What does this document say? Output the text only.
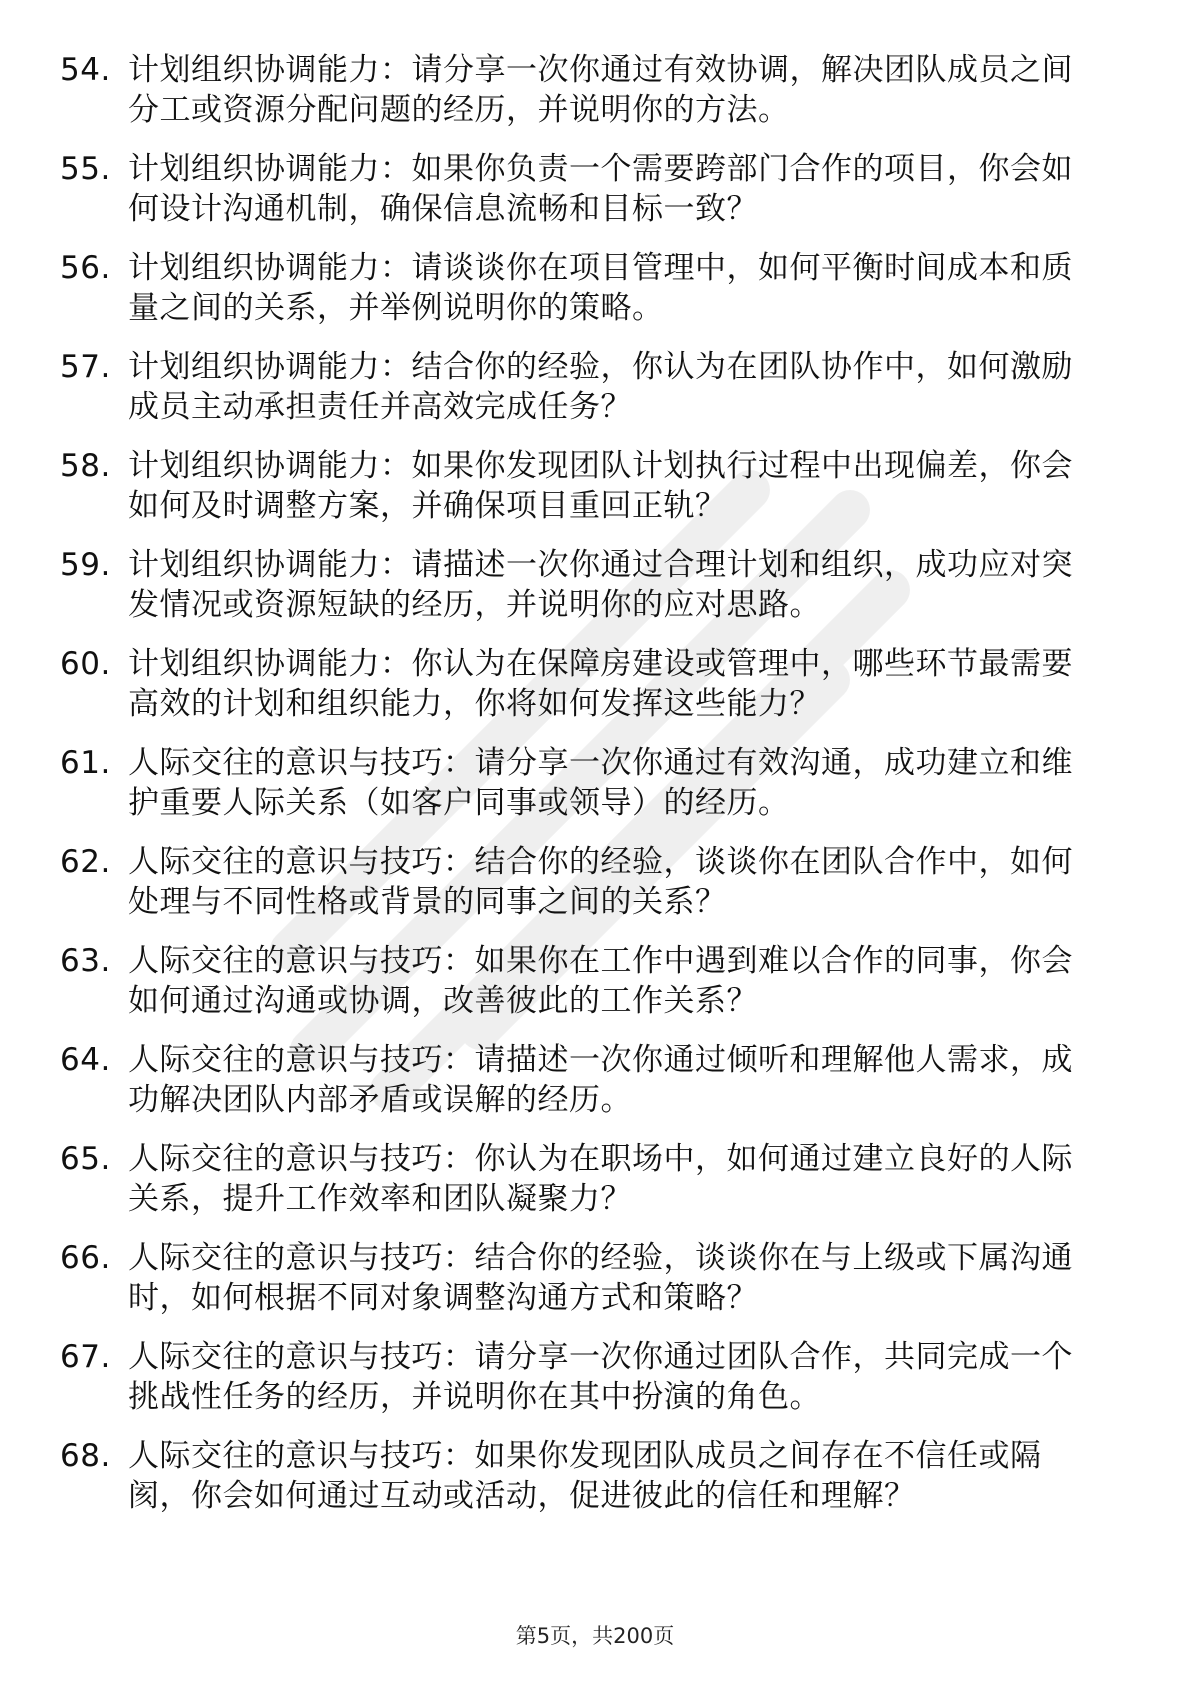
54. 计划组织协调能力：请分享一次你通过有效协调，解决团队成员之间分工或资源分配问题的经历，并说明你的方法。
55. 计划组织协调能力：如果你负责一个需要跨部门合作的项目，你会如何设计沟通机制，确保信息流畅和目标一致？
56. 计划组织协调能力：请谈谈你在项目管理中，如何平衡时间成本和质量之间的关系，并举例说明你的策略。
57. 计划组织协调能力：结合你的经验，你认为在团队协作中，如何激励成员主动承担责任并高效完成任务？
58. 计划组织协调能力：如果你发现团队计划执行过程中出现偏差，你会如何及时调整方案，并确保项目重回正轨？
59. 计划组织协调能力：请描述一次你通过合理计划和组织，成功应对突发情况或资源短缺的经历，并说明你的应对思路。
60. 计划组织协调能力：你认为在保障房建设或管理中，哪些环节最需要高效的计划和组织能力，你将如何发挥这些能力？
61. 人际交往的意识与技巧：请分享一次你通过有效沟通，成功建立和维护重要人际关系（如客户同事或领导）的经历。
62. 人际交往的意识与技巧：结合你的经验，谈谈你在团队合作中，如何处理与不同性格或背景的同事之间的关系？
63. 人际交往的意识与技巧：如果你在工作中遇到难以合作的同事，你会如何通过沟通或协调，改善彼此的工作关系？
64. 人际交往的意识与技巧：请描述一次你通过倾听和理解他人需求，成功解决团队内部矛盾或误解的经历。
65. 人际交往的意识与技巧：你认为在职场中，如何通过建立良好的人际关系，提升工作效率和团队凝聚力？
66. 人际交往的意识与技巧：结合你的经验，谈谈你在与上级或下属沟通时，如何根据不同对象调整沟通方式和策略？
67. 人际交往的意识与技巧：请分享一次你通过团队合作，共同完成一个挑战性任务的经历，并说明你在其中扮演的角色。
68. 人际交往的意识与技巧：如果你发现团队成员之间存在不信任或隔阂，你会如何通过互动或活动，促进彼此的信任和理解？
第5页，共200页
